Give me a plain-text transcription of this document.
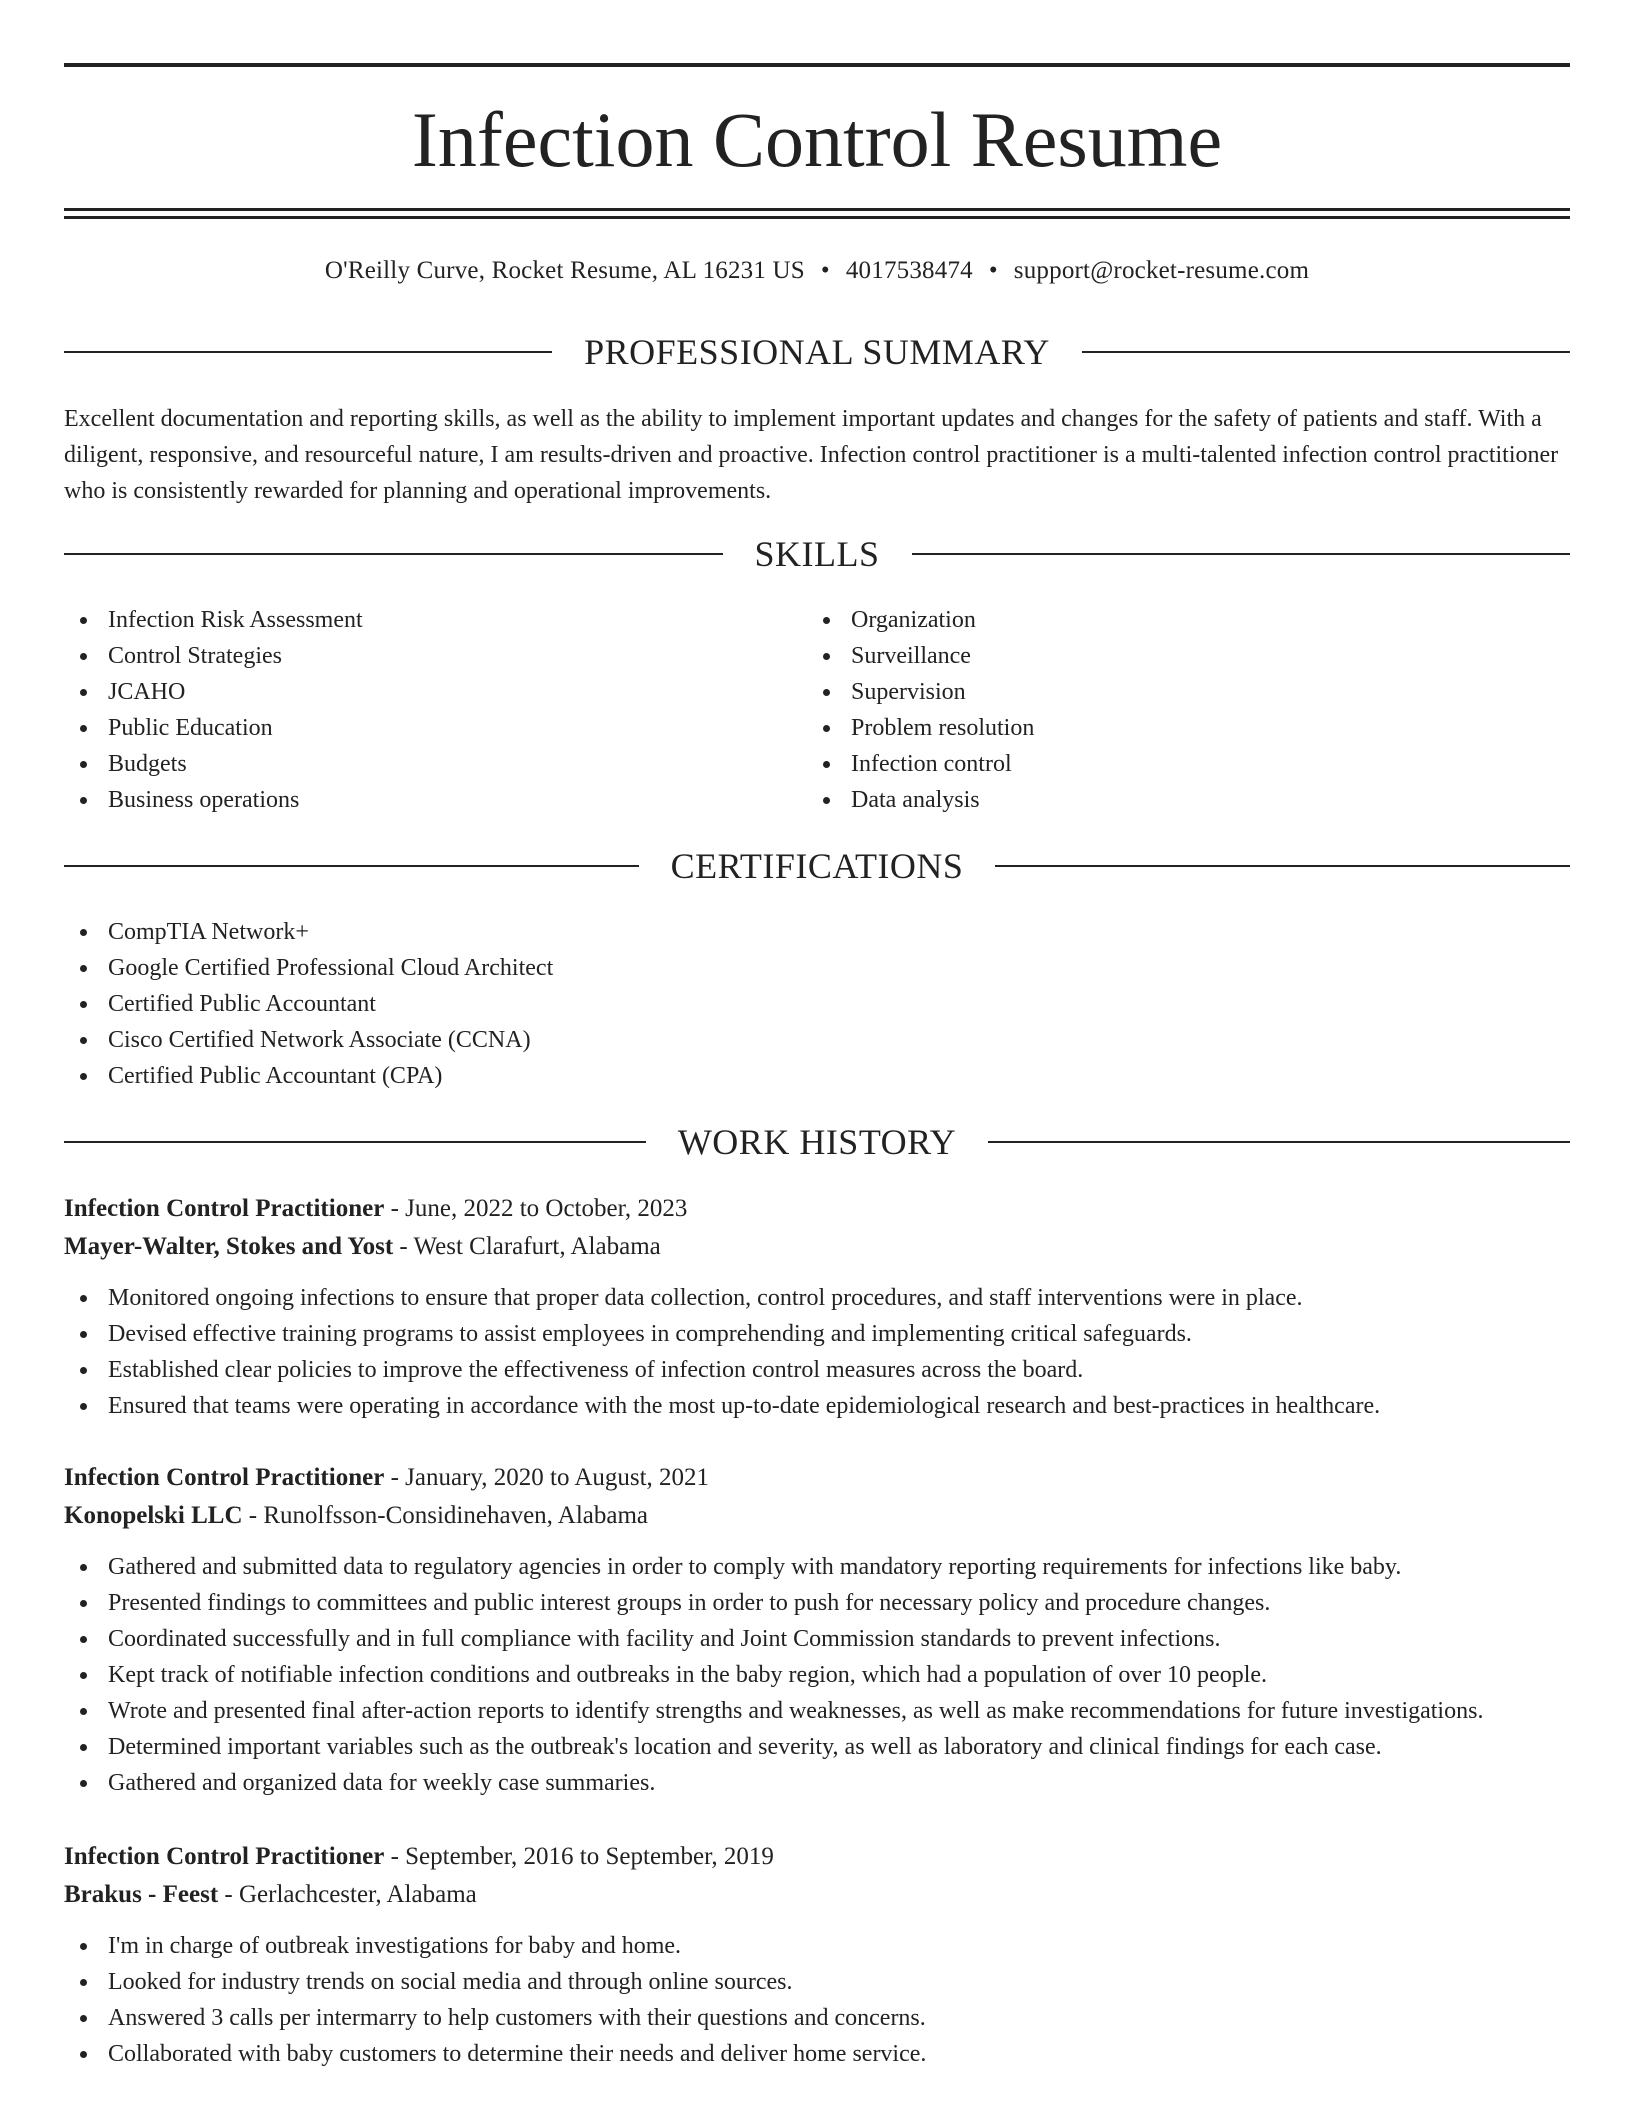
Infection Control Resume
O'Reilly Curve, Rocket Resume, AL 16231 US • 4017538474 • support@rocket-resume.com
PROFESSIONAL SUMMARY

Excellent documentation and reporting skills, as well as the ability to implement important updates and changes for the safety of patients and staff. With a diligent, responsive, and resourceful nature, I am results-driven and proactive. Infection control practitioner is a multi-talented infection control practitioner who is consistently rewarded for planning and operational improvements.

SKILLS
Infection Risk Assessment
Control Strategies
JCAHO
Public Education
Budgets
Business operations
Organization
Surveillance
Supervision
Problem resolution
Infection control
Data analysis
CERTIFICATIONS
CompTIA Network+
Google Certified Professional Cloud Architect
Certified Public Accountant
Cisco Certified Network Associate (CCNA)
Certified Public Accountant (CPA)
WORK HISTORY
Infection Control Practitioner - June, 2022 to October, 2023
Mayer-Walter, Stokes and Yost - West Clarafurt, Alabama
Monitored ongoing infections to ensure that proper data collection, control procedures, and staff interventions were in place.
Devised effective training programs to assist employees in comprehending and implementing critical safeguards.
Established clear policies to improve the effectiveness of infection control measures across the board.
Ensured that teams were operating in accordance with the most up-to-date epidemiological research and best-practices in healthcare.
Infection Control Practitioner - January, 2020 to August, 2021
Konopelski LLC - Runolfsson-Considinehaven, Alabama
Gathered and submitted data to regulatory agencies in order to comply with mandatory reporting requirements for infections like baby.
Presented findings to committees and public interest groups in order to push for necessary policy and procedure changes.
Coordinated successfully and in full compliance with facility and Joint Commission standards to prevent infections.
Kept track of notifiable infection conditions and outbreaks in the baby region, which had a population of over 10 people.
Wrote and presented final after-action reports to identify strengths and weaknesses, as well as make recommendations for future investigations.
Determined important variables such as the outbreak's location and severity, as well as laboratory and clinical findings for each case.
Gathered and organized data for weekly case summaries.
Infection Control Practitioner - September, 2016 to September, 2019
Brakus - Feest - Gerlachcester, Alabama
I'm in charge of outbreak investigations for baby and home.
Looked for industry trends on social media and through online sources.
Answered 3 calls per intermarry to help customers with their questions and concerns.
Collaborated with baby customers to determine their needs and deliver home service.
